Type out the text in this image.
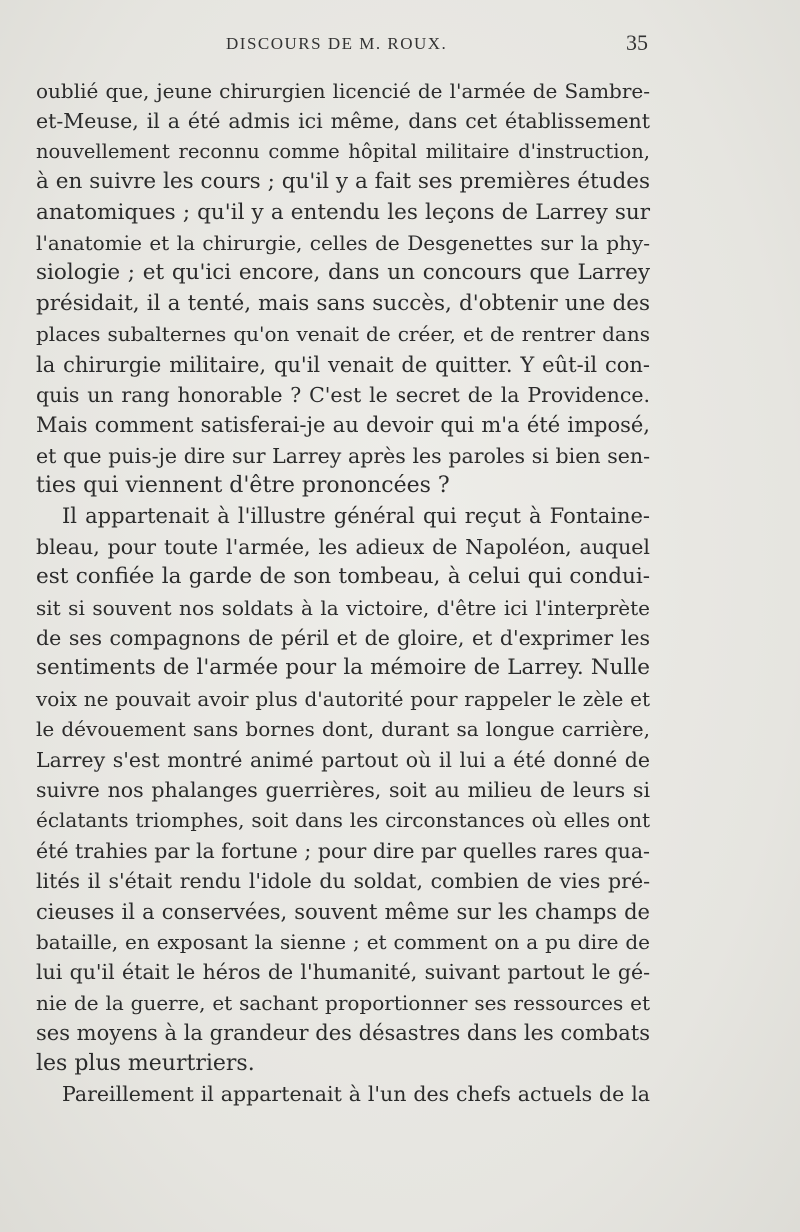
DISCOURS DE M. ROUX.	35
oublié que, jeune chirurgien licencié de l'armée de Sambre-
et-Meuse, il a été admis ici même, dans cet établissement
nouvellement reconnu comme hôpital militaire d'instruction,
à en suivre les cours ; qu'il y a fait ses premières études
anatomiques ; qu'il y a entendu les leçons de Larrey sur
l'anatomie et la chirurgie, celles de Desgenettes sur la phy-
siologie ; et qu'ici encore, dans un concours que Larrey
présidait, il a tenté, mais sans succès, d'obtenir une des
places subalternes qu'on venait de créer, et de rentrer dans
la chirurgie militaire, qu'il venait de quitter. Y eût-il con-
quis un rang honorable ? C'est le secret de la Providence.
Mais comment satisferai-je au devoir qui m'a été imposé,
et que puis-je dire sur Larrey après les paroles si bien sen-
ties qui viennent d'être prononcées ?
Il appartenait à l'illustre général qui reçut à Fontaine-
bleau, pour toute l'armée, les adieux de Napoléon, auquel
est confiée la garde de son tombeau, à celui qui condui-
sit si souvent nos soldats à la victoire, d'être ici l'interprète
de ses compagnons de péril et de gloire, et d'exprimer les
sentiments de l'armée pour la mémoire de Larrey. Nulle
voix ne pouvait avoir plus d'autorité pour rappeler le zèle et
le dévouement sans bornes dont, durant sa longue carrière,
Larrey s'est montré animé partout où il lui a été donné de
suivre nos phalanges guerrières, soit au milieu de leurs si
éclatants triomphes, soit dans les circonstances où elles ont
été trahies par la fortune ; pour dire par quelles rares qua-
lités il s'était rendu l'idole du soldat, combien de vies pré-
cieuses il a conservées, souvent même sur les champs de
bataille, en exposant la sienne ; et comment on a pu dire de
lui qu'il était le héros de l'humanité, suivant partout le gé-
nie de la guerre, et sachant proportionner ses ressources et
ses moyens à la grandeur des désastres dans les combats
les plus meurtriers.
Pareillement il appartenait à l'un des chefs actuels de la
